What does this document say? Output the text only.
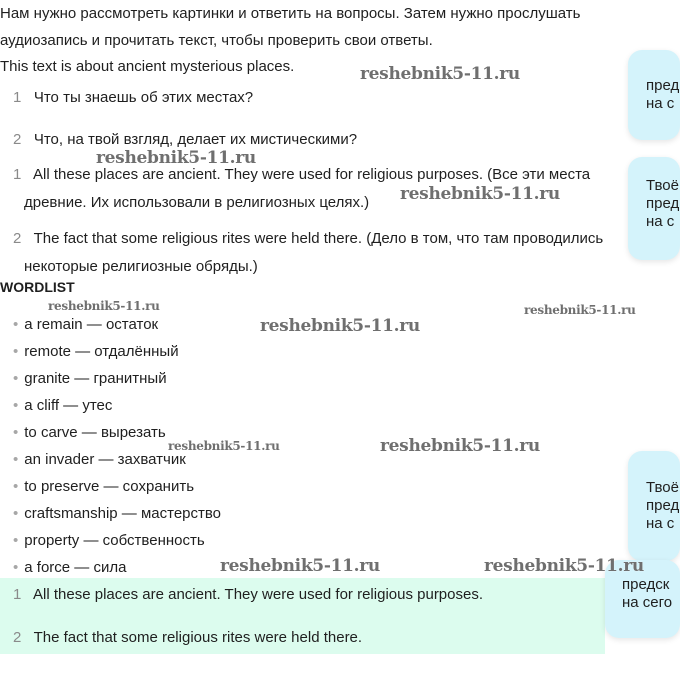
Нам нужно рассмотреть картинки и ответить на вопросы. Затем нужно прослушать
аудиозапись и прочитать текст, чтобы проверить свои ответы.
This text is about ancient mysterious places.
1 Что ты знаешь об этих местах?
2 Что, на твой взгляд, делает их мистическими?
1 All these places are ancient. They were used for religious purposes. (Все эти места
древние. Их использовали в религиозных целях.)
2 The fact that some religious rites were held there. (Дело в том, что там проводились
некоторые религиозные обряды.)
WORDLIST
• a remain — остаток
• remote — отдалённый
• granite — гранитный
• a cliff — утес
• to carve — вырезать
• an invader — захватчик
• to preserve — сохранить
• craftsmanship — мастерство
• property — собственность
• a force — сила
1 All these places are ancient. They were used for religious purposes.
2 The fact that some religious rites were held there.
пред
на с
Твоё
пред
на с
Твоё
пред
на с
предск
на сего
reshebnik5-11.ru
reshebnik5-11.ru
reshebnik5-11.ru
reshebnik5-11.ru	reshebnik5-11.ru
reshebnik5-11.ru
reshebnik5-11.ru	reshebnik5-11.ru
reshebnik5-11.ru	reshebnik5-11.ru
